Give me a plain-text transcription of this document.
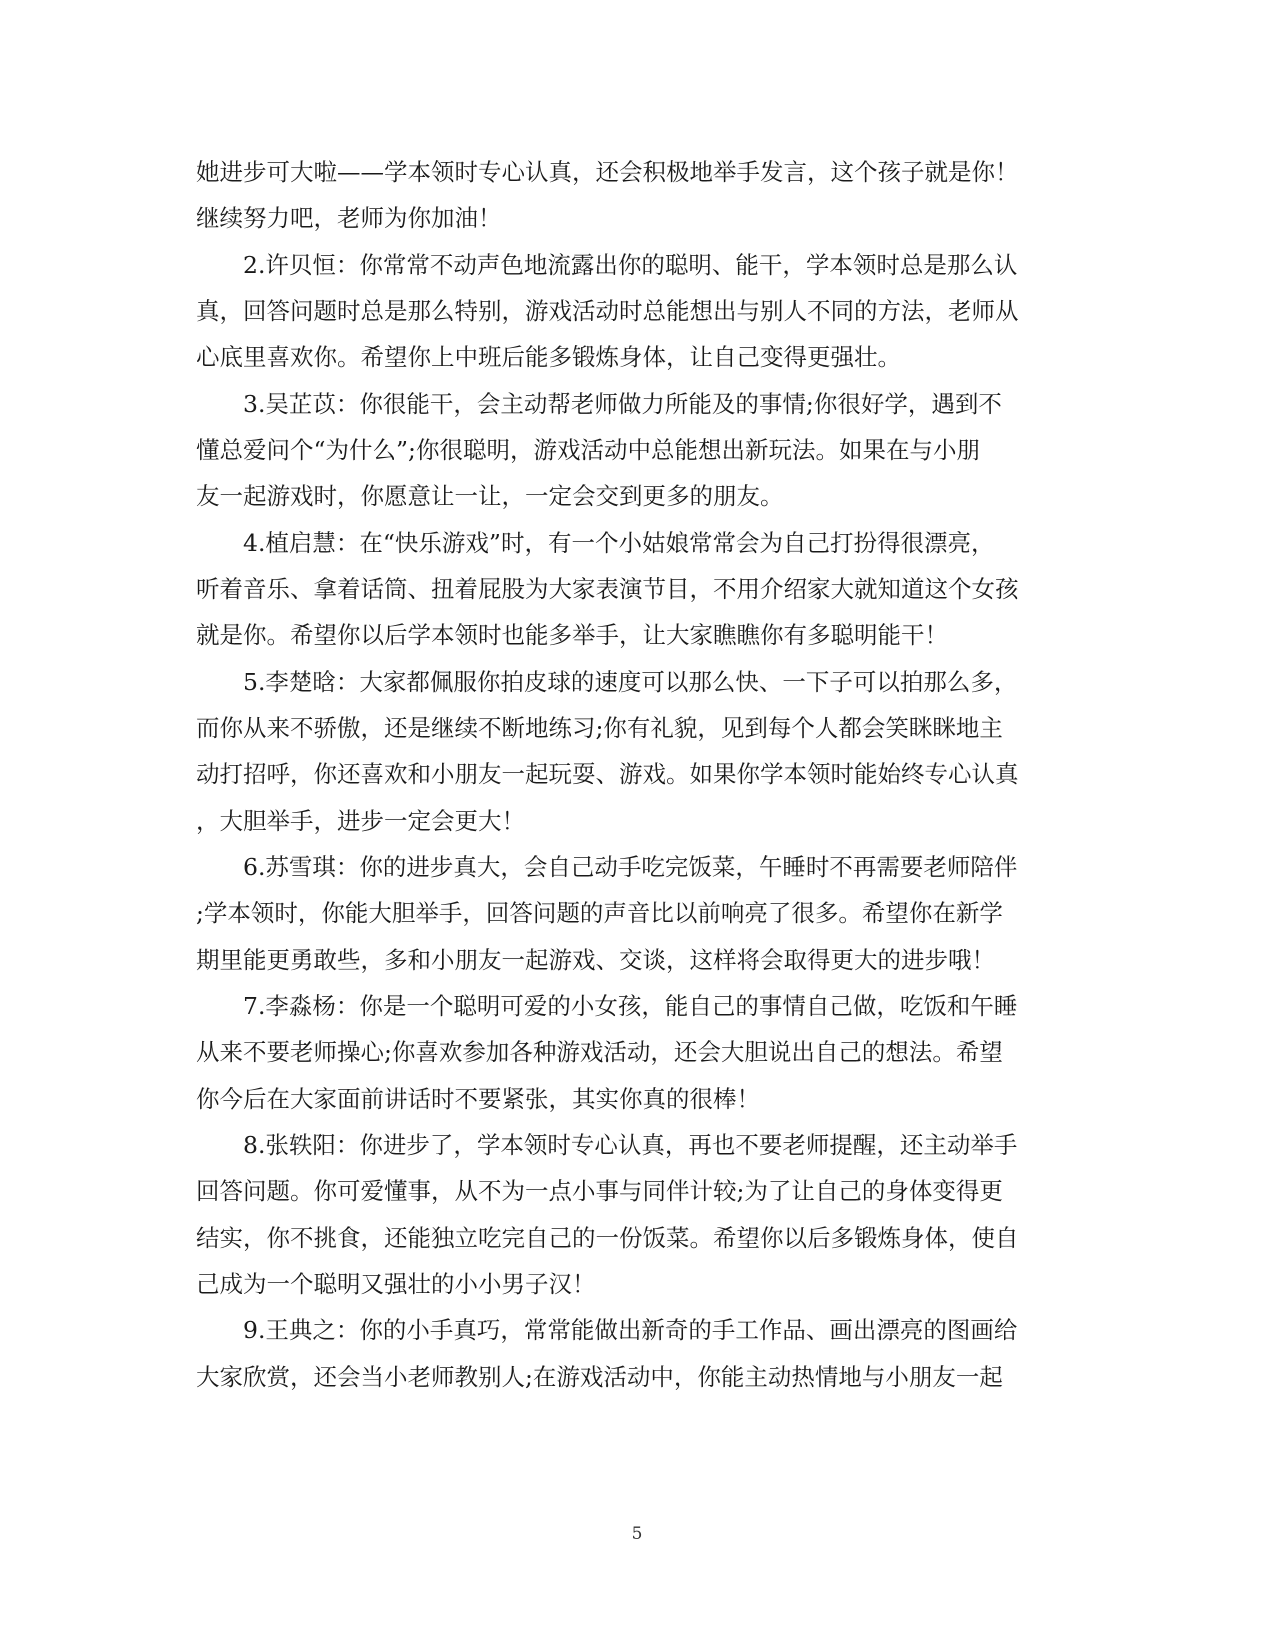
她进步可大啦——学本领时专心认真，还会积极地举手发言，这个孩子就是你！
继续努力吧，老师为你加油！
　　2.许贝恒：你常常不动声色地流露出你的聪明、能干，学本领时总是那么认
真，回答问题时总是那么特别，游戏活动时总能想出与别人不同的方法，老师从
心底里喜欢你。希望你上中班后能多锻炼身体，让自己变得更强壮。
　　3.吴芷苡：你很能干，会主动帮老师做力所能及的事情;你很好学，遇到不
懂总爱问个“为什么”;你很聪明，游戏活动中总能想出新玩法。如果在与小朋
友一起游戏时，你愿意让一让，一定会交到更多的朋友。
　　4.植启慧：在“快乐游戏”时，有一个小姑娘常常会为自己打扮得很漂亮，
听着音乐、拿着话筒、扭着屁股为大家表演节目，不用介绍家大就知道这个女孩
就是你。希望你以后学本领时也能多举手，让大家瞧瞧你有多聪明能干！
　　5.李楚晗：大家都佩服你拍皮球的速度可以那么快、一下子可以拍那么多，
而你从来不骄傲，还是继续不断地练习;你有礼貌，见到每个人都会笑眯眯地主
动打招呼，你还喜欢和小朋友一起玩耍、游戏。如果你学本领时能始终专心认真
，大胆举手，进步一定会更大！
　　6.苏雪琪：你的进步真大，会自己动手吃完饭菜，午睡时不再需要老师陪伴
;学本领时，你能大胆举手，回答问题的声音比以前响亮了很多。希望你在新学
期里能更勇敢些，多和小朋友一起游戏、交谈，这样将会取得更大的进步哦！
　　7.李淼杨：你是一个聪明可爱的小女孩，能自己的事情自己做，吃饭和午睡
从来不要老师操心;你喜欢参加各种游戏活动，还会大胆说出自己的想法。希望
你今后在大家面前讲话时不要紧张，其实你真的很棒！
　　8.张轶阳：你进步了，学本领时专心认真，再也不要老师提醒，还主动举手
回答问题。你可爱懂事，从不为一点小事与同伴计较;为了让自己的身体变得更
结实，你不挑食，还能独立吃完自己的一份饭菜。希望你以后多锻炼身体，使自
己成为一个聪明又强壮的小小男子汉！
　　9.王典之：你的小手真巧，常常能做出新奇的手工作品、画出漂亮的图画给
大家欣赏，还会当小老师教别人;在游戏活动中，你能主动热情地与小朋友一起
5
